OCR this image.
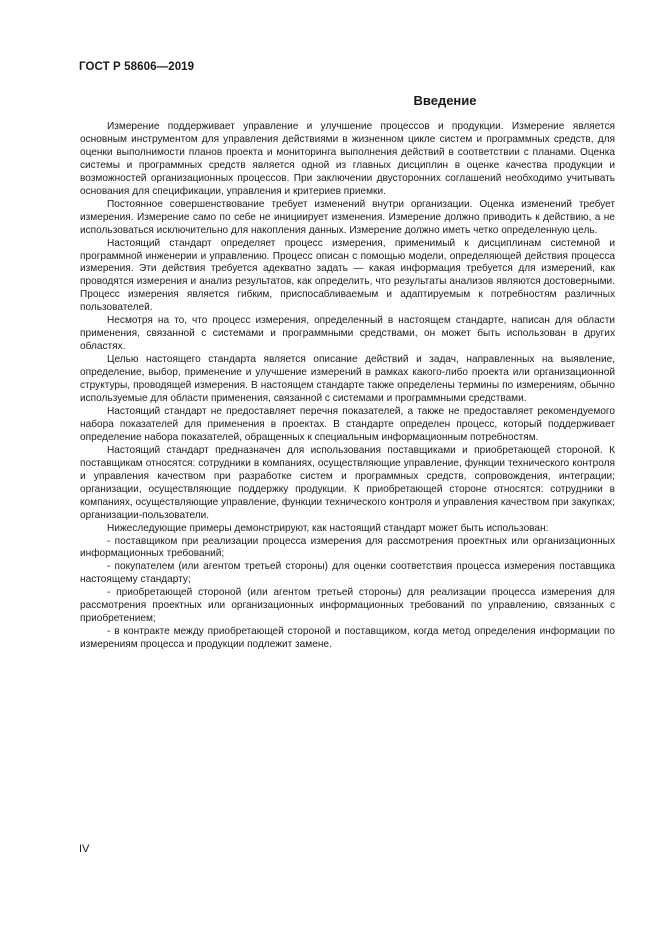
ГОСТ Р 58606—2019
Введение

Измерение поддерживает управление и улучшение процессов и продукции. Измерение является основным инструментом для управления действиями в жизненном цикле систем и программных средств, для оценки выполнимости планов проекта и мониторинга выполнения действий в соответствии с планами. Оценка системы и программных средств является одной из главных дисциплин в оценке качества продукции и возможностей организационных процессов. При заключении двусторонних соглашений необходимо учитывать основания для спецификации, управления и критериев приемки.

Постоянное совершенствование требует изменений внутри организации. Оценка изменений требует измерения. Измерение само по себе не инициирует изменения. Измерение должно приводить к действию, а не использоваться исключительно для накопления данных. Измерение должно иметь четко определенную цель.

Настоящий стандарт определяет процесс измерения, применимый к дисциплинам системной и программной инженерии и управлению. Процесс описан с помощью модели, определяющей действия процесса измерения. Эти действия требуется адекватно задать — какая информация требуется для измерений, как проводятся измерения и анализ результатов, как определить, что результаты анализов являются достоверными. Процесс измерения является гибким, приспосабливаемым и адаптируемым к потребностям различных пользователей.

Несмотря на то, что процесс измерения, определенный в настоящем стандарте, написан для области применения, связанной с системами и программными средствами, он может быть использован в других областях.

Целью настоящего стандарта является описание действий и задач, направленных на выявление, определение, выбор, применение и улучшение измерений в рамках какого-либо проекта или организационной структуры, проводящей измерения. В настоящем стандарте также определены термины по измерениям, обычно используемые для области применения, связанной с системами и программными средствами.

Настоящий стандарт не предоставляет перечня показателей, а также не предоставляет рекомендуемого набора показателей для применения в проектах. В стандарте определен процесс, который поддерживает определение набора показателей, обращенных к специальным информационным потребностям.

Настоящий стандарт предназначен для использования поставщиками и приобретающей стороной. К поставщикам относятся: сотрудники в компаниях, осуществляющие управление, функции технического контроля и управления качеством при разработке систем и программных средств, сопровождения, интеграции; организации, осуществляющие поддержку продукции. К приобретающей стороне относятся: сотрудники в компаниях, осуществляющие управление, функции технического контроля и управления качеством при закупках; организации-пользователи.

Нижеследующие примеры демонстрируют, как настоящий стандарт может быть использован:

- поставщиком при реализации процесса измерения для рассмотрения проектных или организационных информационных требований;

- покупателем (или агентом третьей стороны) для оценки соответствия процесса измерения поставщика настоящему стандарту;

- приобретающей стороной (или агентом третьей стороны) для реализации процесса измерения для рассмотрения проектных или организационных информационных требований по управлению, связанных с приобретением;

- в контракте между приобретающей стороной и поставщиком, когда метод определения информации по измерениям процесса и продукции подлежит замене.

IV
